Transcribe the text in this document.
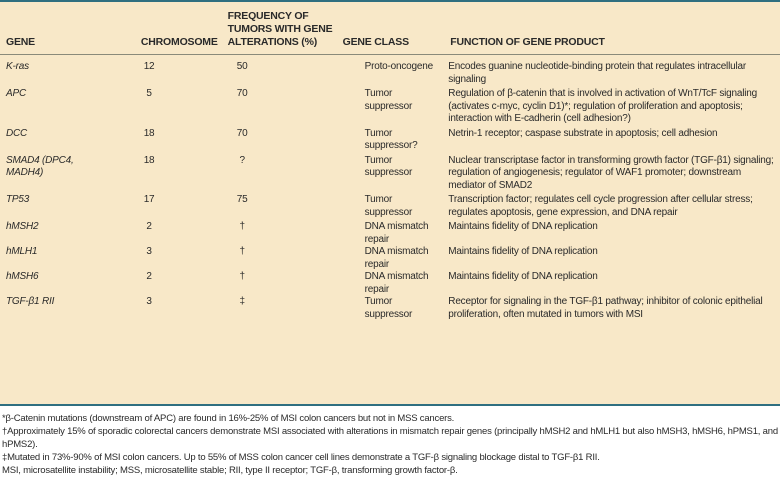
GENE	CHROMOSOME	FREQUENCY OF TUMORS WITH GENE ALTERATIONS (%)	GENE CLASS	FUNCTION OF GENE PRODUCT
K-ras	12	50	Proto-oncogene	Encodes guanine nucleotide-binding protein that regulates intracellular signaling
APC	5	70	Tumor suppressor	Regulation of β-catenin that is involved in activation of WnT/TcF signaling (activates c-myc, cyclin D1)*; regulation of proliferation and apoptosis; interaction with E-cadherin (cell adhesion?)
DCC	18	70	Tumor suppressor?	Netrin-1 receptor; caspase substrate in apoptosis; cell adhesion
SMAD4 (DPC4, MADH4)	18	?	Tumor suppressor	Nuclear transcriptase factor in transforming growth factor (TGF-β1) signaling; regulation of angiogenesis; regulator of WAF1 promoter; downstream mediator of SMAD2
TP53	17	75	Tumor suppressor	Transcription factor; regulates cell cycle progression after cellular stress; regulates apoptosis, gene expression, and DNA repair
hMSH2	2	†	DNA mismatch repair	Maintains fidelity of DNA replication
hMLH1	3	†	DNA mismatch repair	Maintains fidelity of DNA replication
hMSH6	2	†	DNA mismatch repair	Maintains fidelity of DNA replication
TGF-β1 RII	3	‡	Tumor suppressor	Receptor for signaling in the TGF-β1 pathway; inhibitor of colonic epithelial proliferation, often mutated in tumors with MSI
*β-Catenin mutations (downstream of APC) are found in 16%-25% of MSI colon cancers but not in MSS cancers.
†Approximately 15% of sporadic colorectal cancers demonstrate MSI associated with alterations in mismatch repair genes (principally hMSH2 and hMLH1 but also hMSH3, hMSH6, hPMS1, and hPMS2).
‡Mutated in 73%-90% of MSI colon cancers. Up to 55% of MSS colon cancer cell lines demonstrate a TGF-β signaling blockage distal to TGF-β1 RII.
MSI, microsatellite instability; MSS, microsatellite stable; RII, type II receptor; TGF-β, transforming growth factor-β.
